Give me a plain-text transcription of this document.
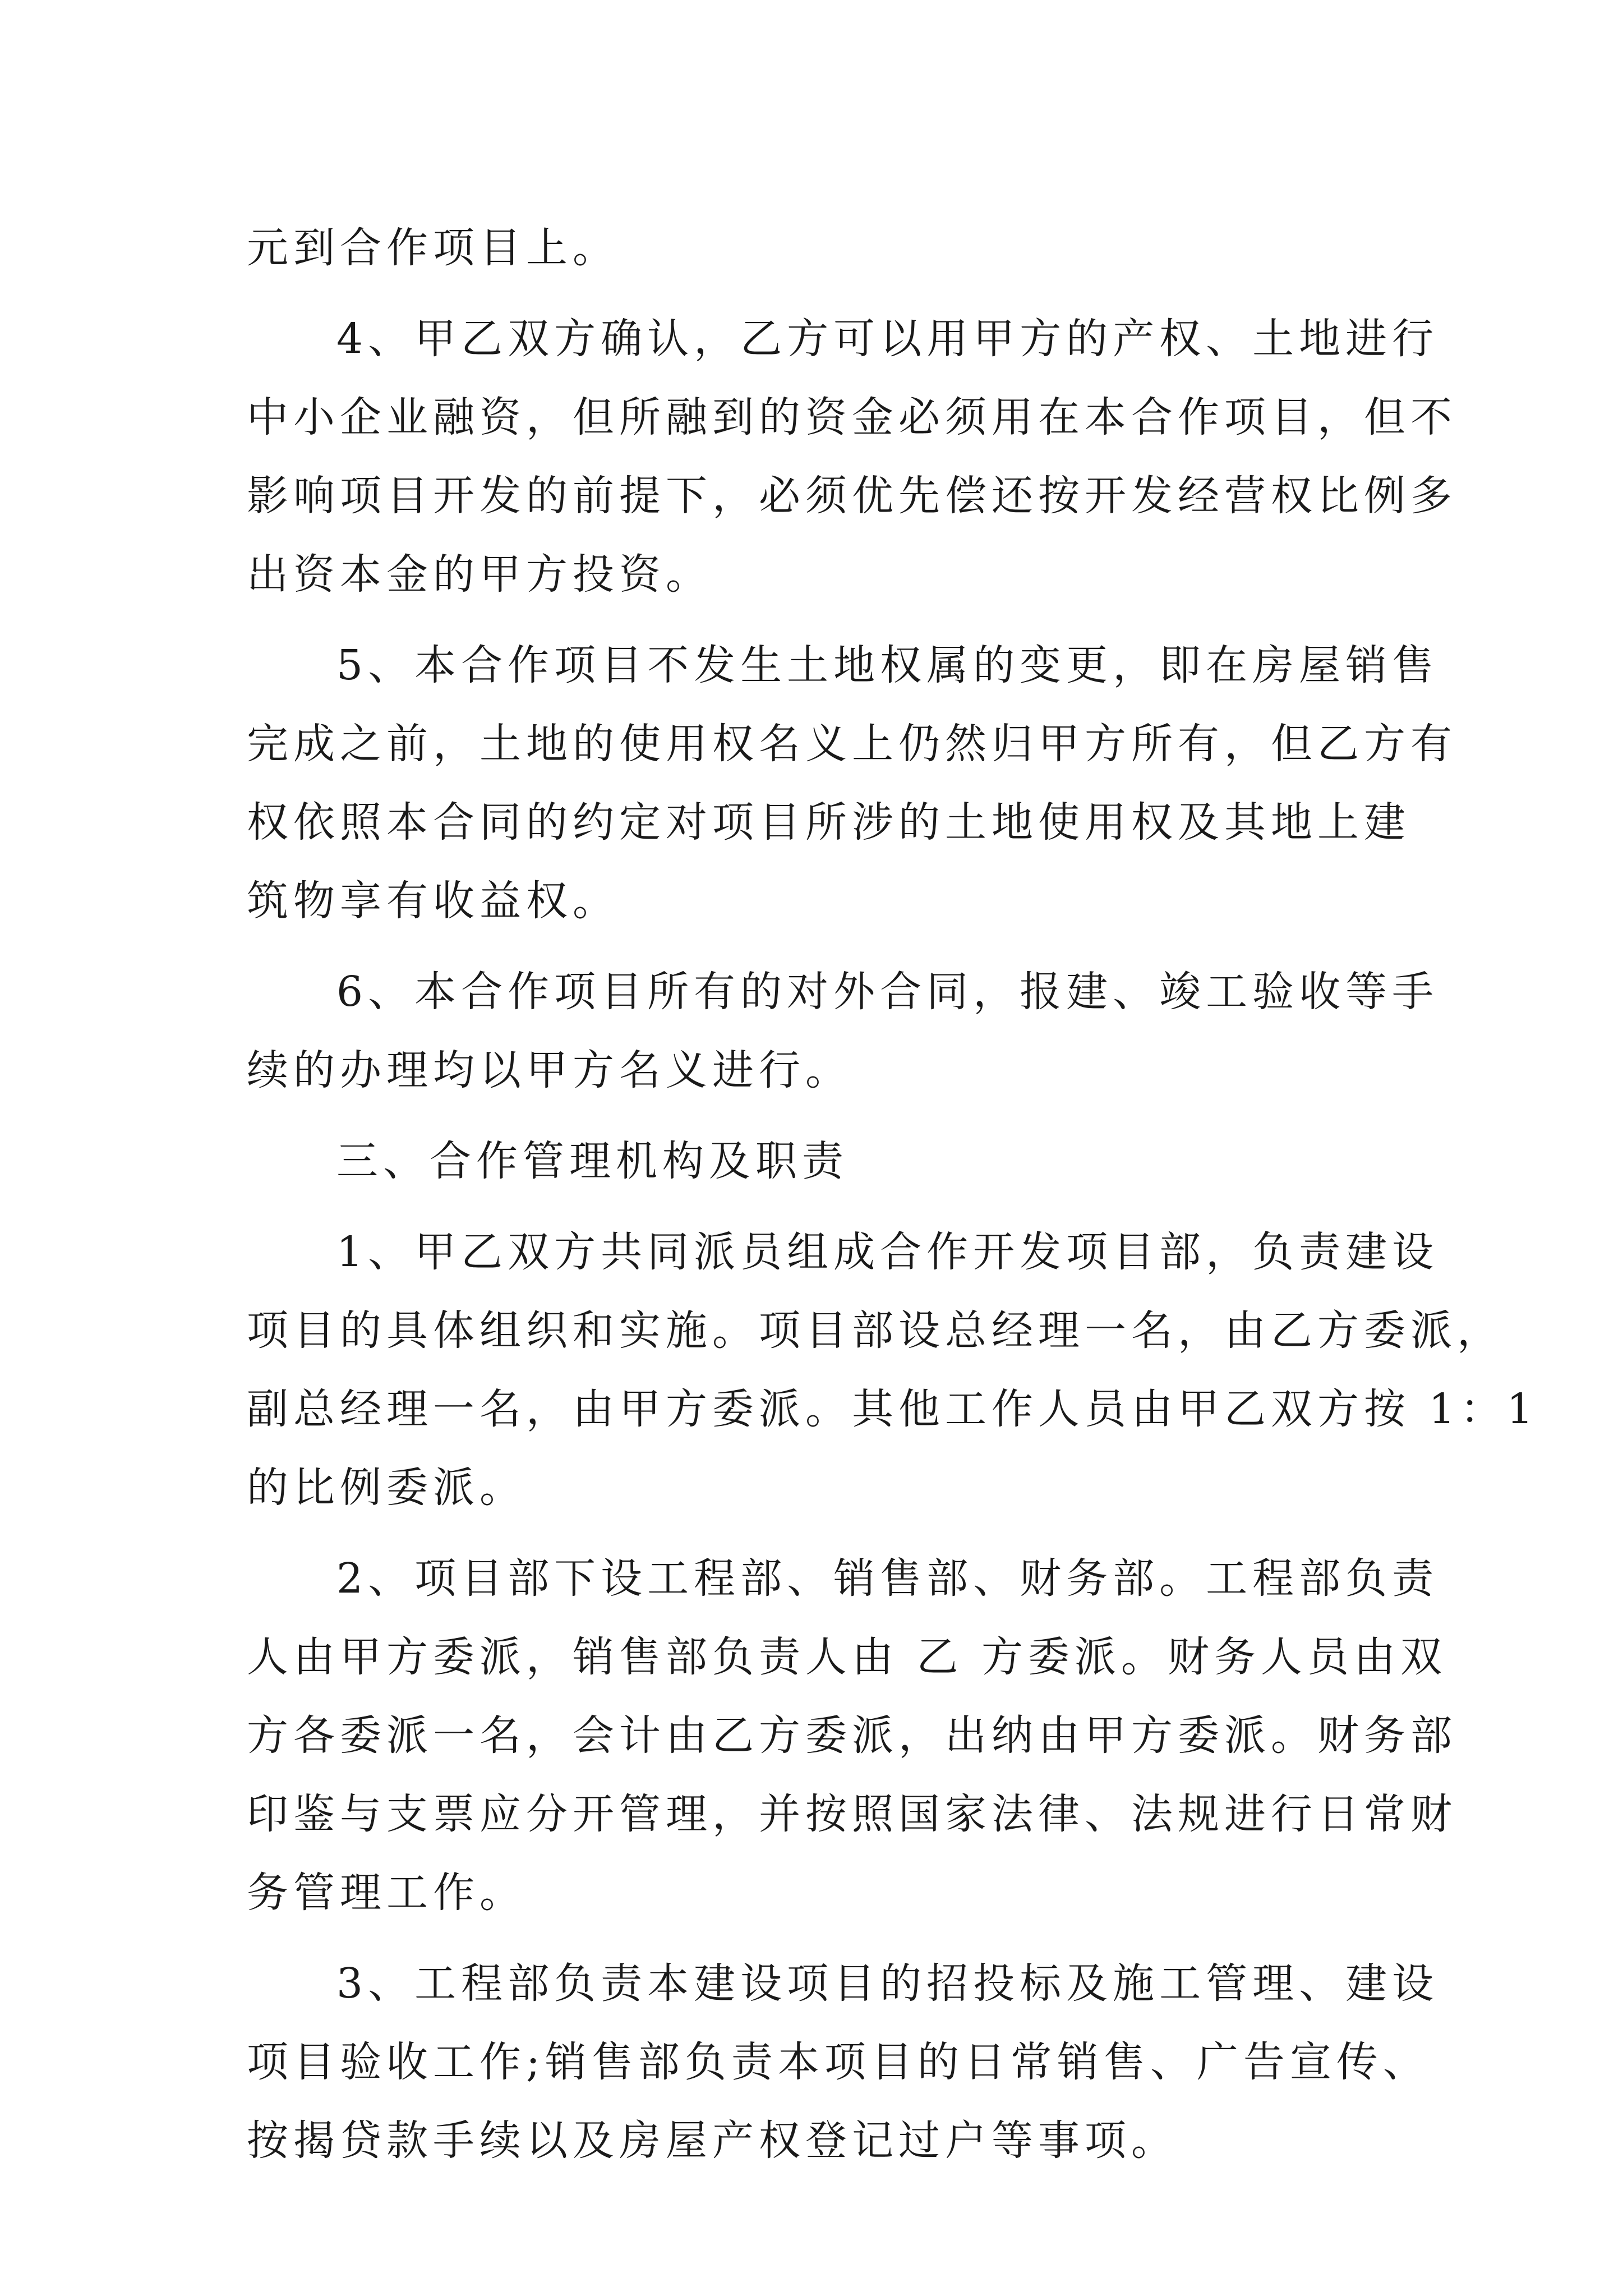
元到合作项目上。
4、甲乙双方确认，乙方可以用甲方的产权、土地进行
中小企业融资，但所融到的资金必须用在本合作项目，但不
影响项目开发的前提下，必须优先偿还按开发经营权比例多
出资本金的甲方投资。
5、本合作项目不发生土地权属的变更，即在房屋销售
完成之前，土地的使用权名义上仍然归甲方所有，但乙方有
权依照本合同的约定对项目所涉的土地使用权及其地上建
筑物享有收益权。
6、本合作项目所有的对外合同，报建、竣工验收等手
续的办理均以甲方名义进行。
三、合作管理机构及职责
1、甲乙双方共同派员组成合作开发项目部，负责建设
项目的具体组织和实施。项目部设总经理一名，由乙方委派，
副总经理一名，由甲方委派。其他工作人员由甲乙双方按 1：1
的比例委派。
2、项目部下设工程部、销售部、财务部。工程部负责
人由甲方委派，销售部负责人由 乙 方委派。财务人员由双
方各委派一名，会计由乙方委派，出纳由甲方委派。财务部
印鉴与支票应分开管理，并按照国家法律、法规进行日常财
务管理工作。
3、工程部负责本建设项目的招投标及施工管理、建设
项目验收工作;销售部负责本项目的日常销售、广告宣传、
按揭贷款手续以及房屋产权登记过户等事项。
